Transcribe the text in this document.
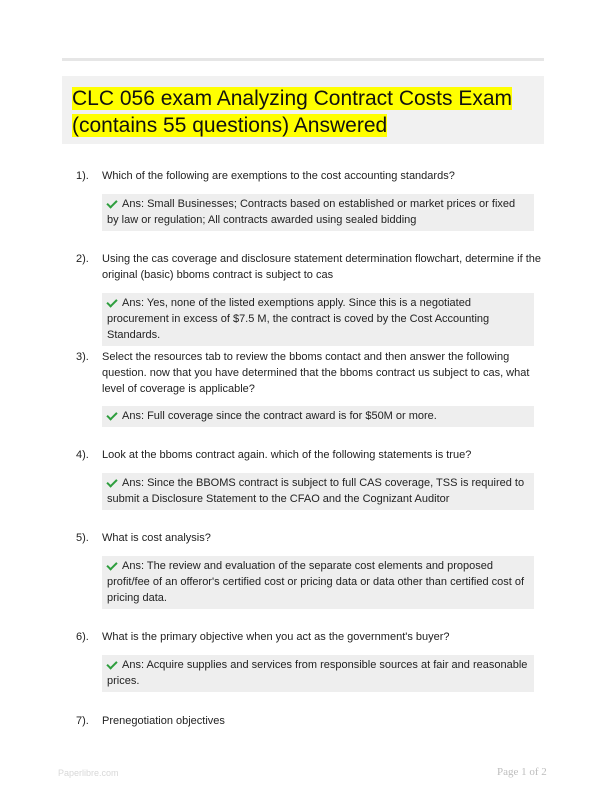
CLC 056 exam Analyzing Contract Costs Exam (contains 55 questions) Answered
1). Which of the following are exemptions to the cost accounting standards?
Ans: Small Businesses; Contracts based on established or market prices or fixed by law or regulation; All contracts awarded using sealed bidding
2). Using the cas coverage and disclosure statement determination flowchart, determine if the original (basic) bboms contract is subject to cas
Ans: Yes, none of the listed exemptions apply. Since this is a negotiated procurement in excess of $7.5 M, the contract is coved by the Cost Accounting Standards.
3). Select the resources tab to review the bboms contact and then answer the following question. now that you have determined that the bboms contract us subject to cas, what level of coverage is applicable?
Ans: Full coverage since the contract award is for $50M or more.
4). Look at the bboms contract again. which of the following statements is true?
Ans: Since the BBOMS contract is subject to full CAS coverage, TSS is required to submit a Disclosure Statement to the CFAO and the Cognizant Auditor
5). What is cost analysis?
Ans: The review and evaluation of the separate cost elements and proposed profit/fee of an offeror's certified cost or pricing data or data other than certified cost of pricing data.
6). What is the primary objective when you act as the government's buyer?
Ans: Acquire supplies and services from responsible sources at fair and reasonable prices.
7). Prenegotiation objectives
Paperlibre.com	Page 1 of 2
